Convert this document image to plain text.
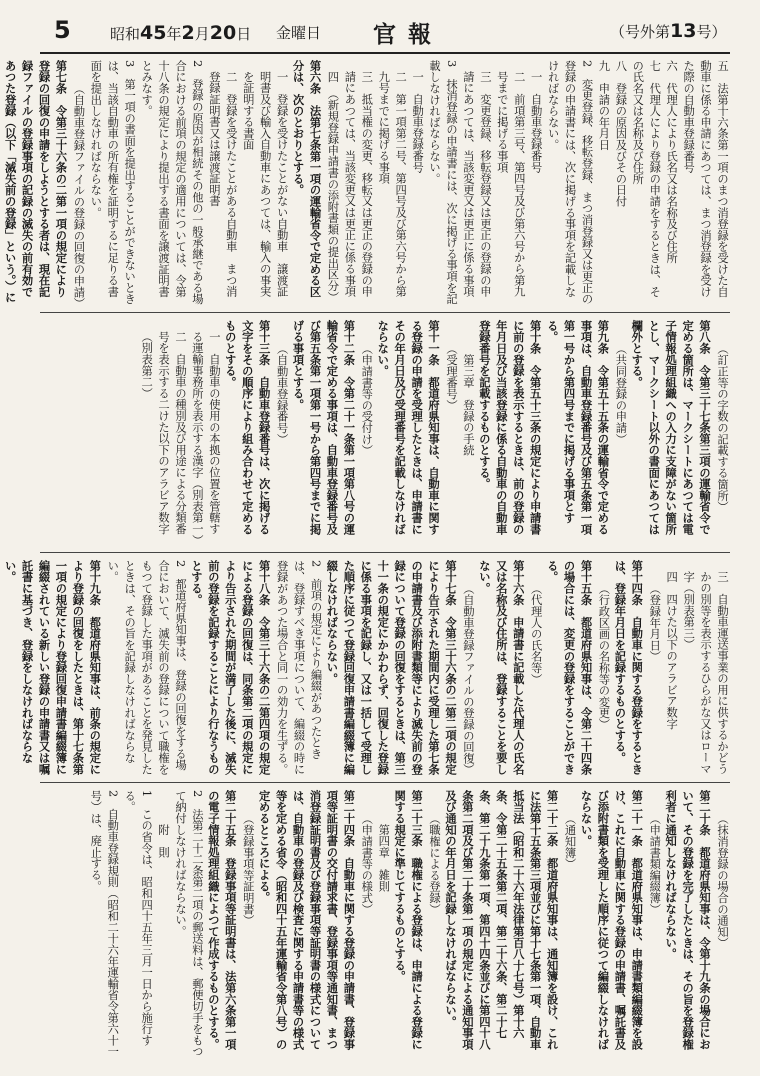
5	昭和45年2月20日 金曜日 官報	（号外第13号）

五　法第十六条第一項のまつ消登録を受けた自動車に係る申請にあつては、まつ消登録を受けた際の自動車登録番号

六　代理人により氏名又は名称及び住所

七　代理人により登録の申請をするときは、その氏名又は名称及び住所

八　登録の原因及びその日付

九　申請の年月日

2　変更登録、移転登録、まつ消登録又は更正の登録の申請書には、次に掲げる事項を記載しなければならない。

一　自動車登録番号

二　前項第三号、第四号及び第六号から第九号までに掲げる事項

三　変更登録、移転登録又は更正の登録の申請にあつては、当該変更又は更正に係る事項

3　抹消登録の申請書には、次に掲げる事項を記載しなければならない。

一　自動車登録番号

二　第一項第二号、第四号及び第六号から第九号までに掲げる事項

三　抵当権の変更、移転又は更正の登録の申請にあつては、当該変更又は更正に係る事項

四　（新規登録申請書の添附書類の提出区分）

第六条　法第七条第一項の運輸省令で定める区分は、次のとおりとする。

一　登録を受けたことがない自動車　譲渡証明書及び輸入自動車にあつては、輸入の事実を証明する書面

二　登録を受けたことがある自動車　まつ消登録証明書又は譲渡証明書

2　登録の原因が相続その他の一般承継である場合における前項の規定の適用については、令第十八条の規定により提出する書面を譲渡証明書とみなす。

3　第一項の書面を提出することができないときは、当該自動車の所有権を証明するに足りる書面を提出しなければならない。

（自動車登録ファイルの登録の回復の申請）

第七条　令第三十六条の二第一項の規定により登録の回復の申請をしようとする者は、現在記録ファイルの登録事項の記録の滅失の前有効であつた登録（以下「滅失前の登録」という。）に

（訂正等の字数の記載する箇所）

第八条　令第三十七条第三項の運輸省令で定める箇所は、マークシートにあつては電子情報処理組織への入力に支障がない箇所とし、マークシート以外の書面にあつては欄外とする。

（共同登録の申請）

第九条　令第五十五条の運輸省令で定める事項は、自動車登録番号及び第五条第一項第一号から第四号までに掲げる事項とする。

第十条　令第五十三条の規定により申請書に前の登録を表示するときは、前の登録の年月日及び当該登録に係る自動車の自動車登録番号を記載するものとする。

第三章　登録の手続

（受理番号）

第十一条　都道府県知事は、自動車に関する登録の申請を受理したときは、申請書にその年月日及び受理番号を記載しなければならない。

（申請書等の受付け）

第十二条　令第二十一条第一項第八号の運輸省令で定める事項は、自動車登録番号及び第五条第一項第一号から第四号までに掲げる事項とする。

（自動車登録番号）

第十三条　自動車登録番号は、次に掲げる文字をその順序により組み合わせて定めるものとする。

一　自動車の使用の本拠の位置を管轄する運輸事務所を表示する漢字（別表第一）

二　自動車の種別及び用途による分類番号を表示する二けた以下のアラビア数字（別表第二）

三　自動車運送事業の用に供するかどうかの別等を表示するひらがな又はローマ字（別表第三）

四　四けた以下のアラビア数字

（登録年月日）

第十四条　自動車に関する登録をするときは、登録年月日を記録するものとする。

（行政区画の名称等の変更）

第十五条　都道府県知事は、令第二十四条の場合には、変更の登録をすることができる。

（代理人の氏名等）

第十六条　申請書に記載した代理人の氏名又は名称及び住所は、登録することを要しない。

（自動車登録ファイルの登録の回復）

第十七条　令第三十六条の二第二項の規定により告示された期間内に受理した第七条の申請書及び添附書類等により滅失前の登録について登録の回復をするときは、第三十一条の規定にかかわらず、回復した登録に係る事項を記録し、又は一括して受理した順序に従つて登録回復申請書編綴簿に編綴しなければならない。

2　前項の規定により編綴があつたときは、登録すべき事項について、編綴の時に登録があつた場合と同一の効力を生ずる。

第十八条　令第三十六条の二第四項の規定による登録の回復は、同条第二項の規定により告示された期間が満了した後に、滅失前の登録を記録することにより行なうものとする。

2　都道府県知事は、登録の回復をする場合において、滅失前の登録について職権をもつて登録した事項があることを発見したときは、その旨を記録しなければならない。

第十九条　都道府県知事は、前条の規定により登録の回復をしたときは、第十七条第一項の規定により登録回復申請書編綴簿に編綴されている新しい登録の申請書又は嘱託書に基づき、登録をしなければならない。

（抹消登録の場合の通知）

第二十条　都道府県知事は、令第十九条の場合において、その登録を完了したときは、その旨を登録権利者に通知しなければならない。

（申請書類編綴簿）

第二十一条　都道府県知事は、申請書類編綴簿を設け、これに自動車に関する登録の申請書、嘱託書及び添附書類を受理した順序に従つて編綴しなければならない。

（通知簿）

第二十二条　都道府県知事は、通知簿を設け、これに法第十五条第三項並びに第十七条第一項、自動車抵当法（昭和二十六年法律第百八十七号）第十六条、令第二十五条第二項、第二十六条、第二十七条、第二十九条第一項、第四十四条並びに第四十八条第二項及び第二十条第一項の規定による通知事項及び通知の年月日を記録しなければならない。

（職権による登録）

第二十三条　職権による登録は、申請による登録に関する規定に準じてするものとする。

第四章　雑則

（申請書等の様式）

第二十四条　自動車に関する登録の申請書、登録事項等証明書の交付請求書、登録事項等通知書、まつ消登録証明書及び登録事項等証明書の様式については、自動車の登録及び検査に関する申請書等の様式等を定める省令（昭和四十五年運輸省令第八号）の定めるところによる。

（登録事項等証明書）

第二十五条　登録事項等証明書は、法第六条第一項の電子情報処理組織によつて作成するものとする。

2　法第二十二条第二項の郵送料は、郵便切手をもつて納付しなければならない。

附　則

1　この省令は、昭和四十五年三月一日から施行する。

2　自動車登録規則（昭和二十六年運輸省令第六十一号）は、廃止する。
